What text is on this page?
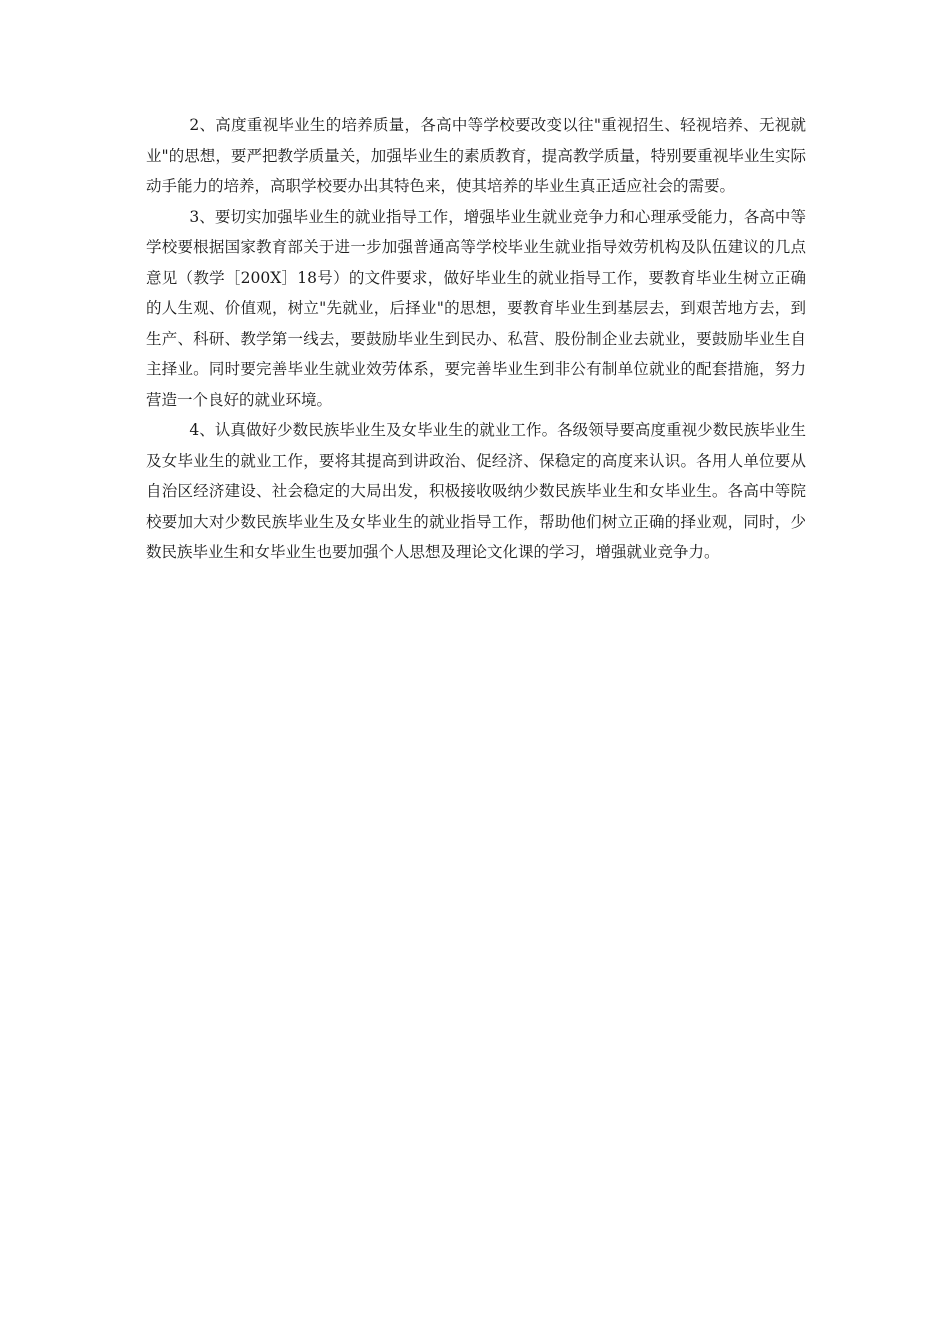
2、高度重视毕业生的培养质量，各高中等学校要改变以往"重视招生、轻视培养、无视就业"的思想，要严把教学质量关，加强毕业生的素质教育，提高教学质量，特别要重视毕业生实际动手能力的培养，高职学校要办出其特色来，使其培养的毕业生真正适应社会的需要。

3、要切实加强毕业生的就业指导工作，增强毕业生就业竞争力和心理承受能力，各高中等学校要根据国家教育部关于进一步加强普通高等学校毕业生就业指导效劳机构及队伍建议的几点意见（教学［200X］18号）的文件要求，做好毕业生的就业指导工作，要教育毕业生树立正确的人生观、价值观，树立"先就业，后择业"的思想，要教育毕业生到基层去，到艰苦地方去，到生产、科研、教学第一线去，要鼓励毕业生到民办、私营、股份制企业去就业，要鼓励毕业生自主择业。同时要完善毕业生就业效劳体系，要完善毕业生到非公有制单位就业的配套措施，努力营造一个良好的就业环境。

4、认真做好少数民族毕业生及女毕业生的就业工作。各级领导要高度重视少数民族毕业生及女毕业生的就业工作，要将其提高到讲政治、促经济、保稳定的高度来认识。各用人单位要从自治区经济建设、社会稳定的大局出发，积极接收吸纳少数民族毕业生和女毕业生。各高中等院校要加大对少数民族毕业生及女毕业生的就业指导工作，帮助他们树立正确的择业观，同时，少数民族毕业生和女毕业生也要加强个人思想及理论文化课的学习，增强就业竞争力。
